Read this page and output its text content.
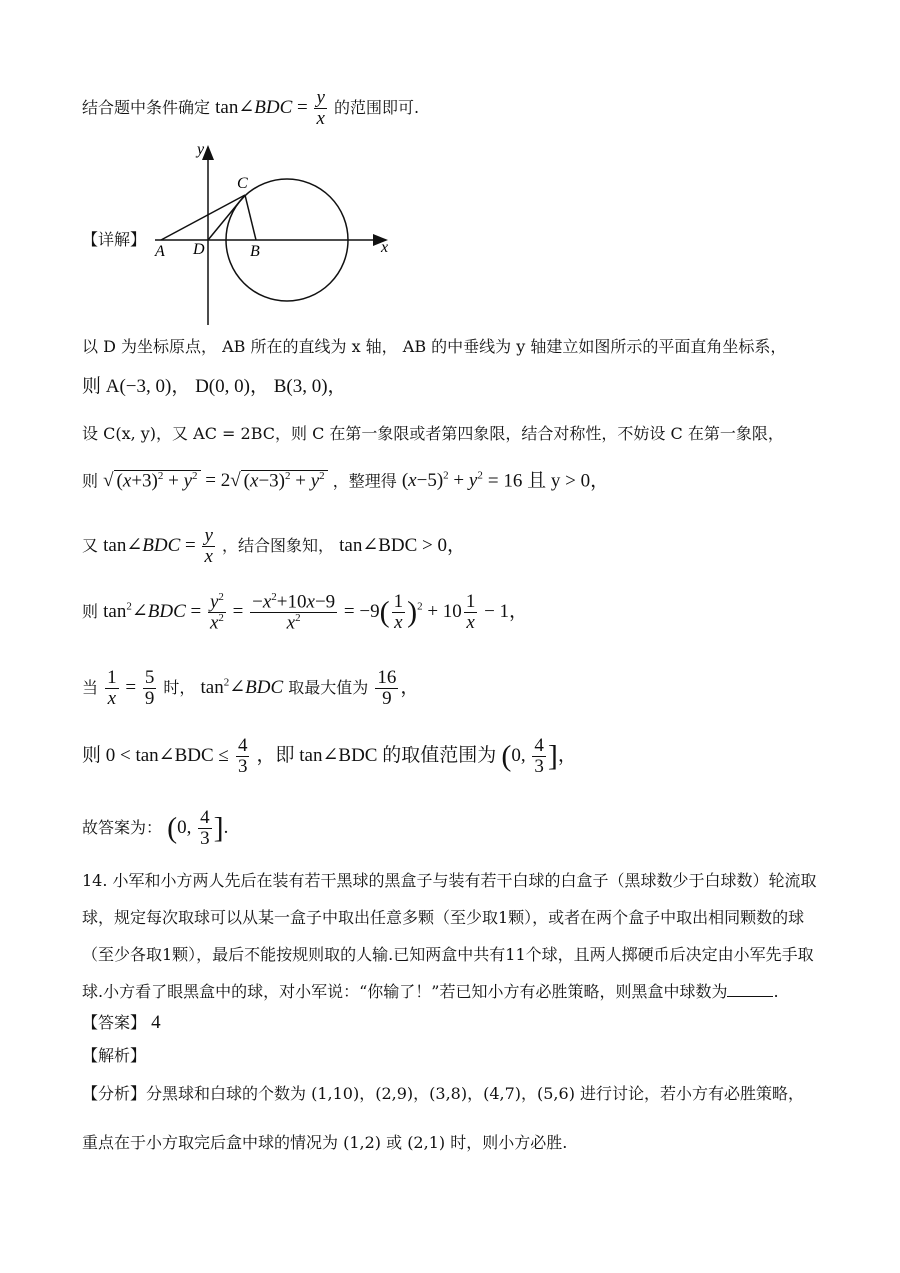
结合题中条件确定 tan∠BDC = $\frac{y}{x}$ 的范围即可.
【详解】
y
x
C
A D	B
以 D 为坐标原点， AB 所在的直线为 x 轴， AB 的中垂线为 y 轴建立如图所示的平面直角坐标系，
则 A(−3, 0)， D(0, 0)， B(3, 0)，
设 C(x, y)，又 AC = 2BC，则 C 在第一象限或者第四象限，结合对称性，不妨设 C 在第一象限，
则 √ $(x+3)^2 + y^2 = 2√$ $(x-3)^2 + y^2$ ，整理得 $(x-5)^2 + y^2 = 16$ 且 y > 0，
又 tan∠BDC = $\frac{y}{x}$ ，结合图象知， tan∠BDC > 0，
则 $\tan^2\angle BDC = \frac{y^2}{x^2} = \frac{-x^2+10x-9}{x^2} = -9( \frac{1}{x} )^2 + 10 \frac{1}{x} - 1$，
当 $\frac{1}{x} = \frac{5}{9}$ 时， $\tan^2\angle BDC$ 取最大值为 $\frac{16}{9}$ ，
则 0 < tan∠BDC ≤ $\frac{4}{3}$ ，即 tan∠BDC 的取值范围为 (0, $\frac{4}{3}$ ]，
故答案为： (0, $\frac{4}{3}$ ].
14. 小军和小方两人先后在装有若干黑球的黑盒子与装有若干白球的白盒子（黑球数少于白球数）轮流取球，规定每次取球可以从某一盒子中取出任意多颗（至少取1颗），或者在两个盒子中取出相同颗数的球（至少各取1颗），最后不能按规则取的人输.已知两盒中共有11个球，且两人掷硬币后决定由小军先手取球.小方看了眼黑盒中的球，对小军说：“你输了！”若已知小方有必胜策略，则黑盒中球数为	.
【答案】 4
【解析】
【分析】分黑球和白球的个数为 (1,10)，(2,9)，(3,8)，(4,7)，(5,6) 进行讨论，若小方有必胜策略，
重点在于小方取完后盒中球的情况为 (1,2) 或 (2,1) 时，则小方必胜.
